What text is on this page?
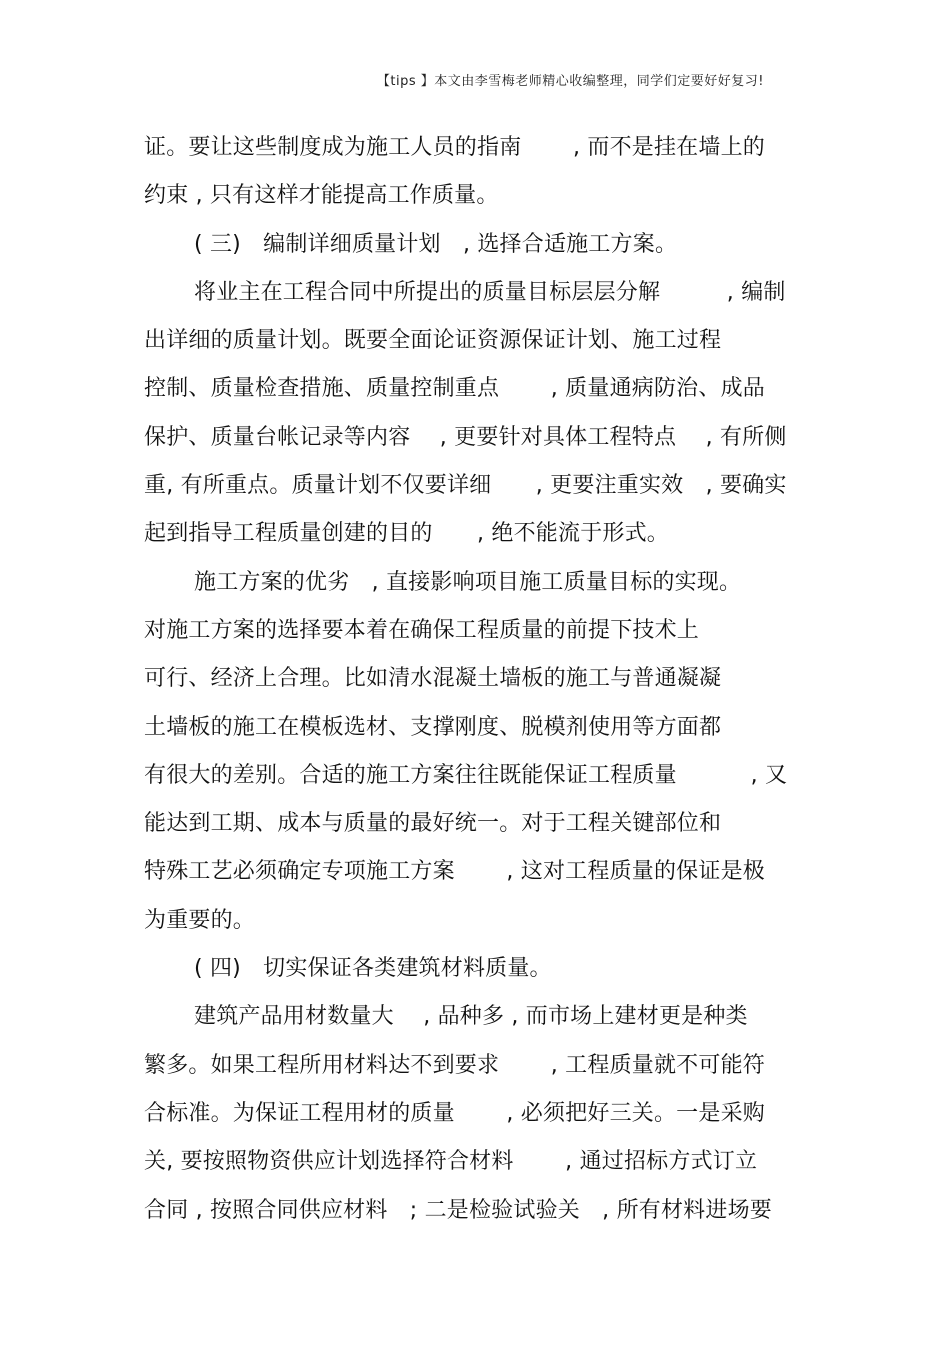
【tips 】本文由李雪梅老师精心收编整理，同学们定要好好复习!
证。要让这些制度成为施工人员的指南　　 , 而不是挂在墙上的
约束 , 只有这样才能提高工作质量。
( 三)　编制详细质量计划　, 选择合适施工方案。
将业主在工程合同中所提出的质量目标层层分解　　　, 编制
出详细的质量计划。既要全面论证资源保证计划、施工过程
控制、质量检查措施、质量控制重点　　 , 质量通病防治、成品
保护、质量台帐记录等内容　 , 更要针对具体工程特点　 , 有所侧
重, 有所重点。质量计划不仅要详细　　, 更要注重实效　, 要确实
起到指导工程质量创建的目的　　, 绝不能流于形式。
施工方案的优劣　, 直接影响项目施工质量目标的实现。
对施工方案的选择要本着在确保工程质量的前提下技术上
可行、经济上合理。比如清水混凝土墙板的施工与普通凝凝
土墙板的施工在模板选材、支撑刚度、脱模剂使用等方面都
有很大的差别。合适的施工方案往往既能保证工程质量　　　 , 又
能达到工期、成本与质量的最好统一。对于工程关键部位和
特殊工艺必须确定专项施工方案　　 , 这对工程质量的保证是极
为重要的。
( 四)　切实保证各类建筑材料质量。
建筑产品用材数量大　 , 品种多 , 而市场上建材更是种类
繁多。如果工程所用材料达不到要求　　 , 工程质量就不可能符
合标准。为保证工程用材的质量　　 , 必须把好三关。一是采购
关, 要按照物资供应计划选择符合材料　　 , 通过招标方式订立
合同 , 按照合同供应材料　; 二是检验试验关　, 所有材料进场要
